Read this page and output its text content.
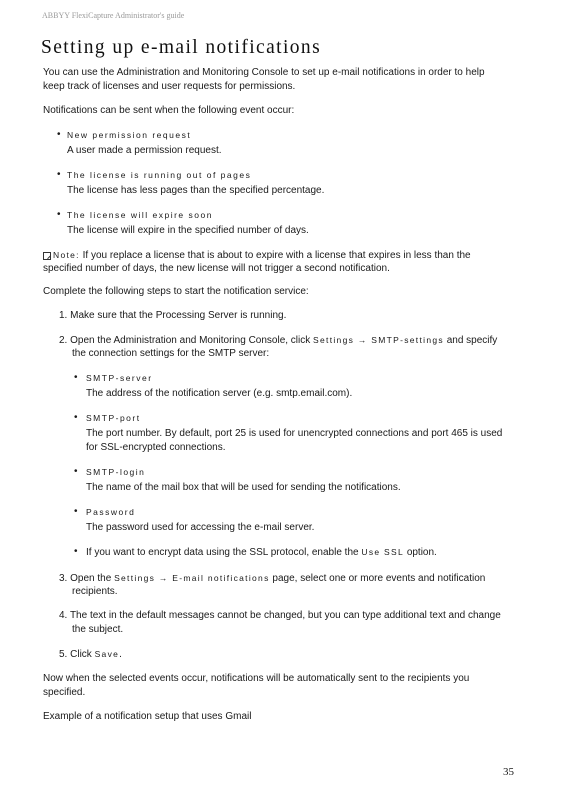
ABBYY FlexiCapture Administrator's guide
Setting up e-mail notifications
You can use the Administration and Monitoring Console to set up e-mail notifications in order to help
keep track of licenses and user requests for permissions.
Notifications can be sent when the following event occur:
• New permission request
A user made a permission request.
• The license is running out of pages
The license has less pages than the specified percentage.
• The license will expire soon
The license will expire in the specified number of days.
Note: If you replace a license that is about to expire with a license that expires in less than the
specified number of days, the new license will not trigger a second notification.
Complete the following steps to start the notification service:
1. Make sure that the Processing Server is running.
2. Open the Administration and Monitoring Console, click Settings → SMTP-settings and specify
the connection settings for the SMTP server:
• SMTP-server
The address of the notification server (e.g. smtp.email.com).
• SMTP-port
The port number. By default, port 25 is used for unencrypted connections and port 465 is used
for SSL-encrypted connections.
• SMTP-login
The name of the mail box that will be used for sending the notifications.
• Password
The password used for accessing the e-mail server.
• If you want to encrypt data using the SSL protocol, enable the Use SSL option.
3. Open the Settings → E-mail notifications page, select one or more events and notification
recipients.
4. The text in the default messages cannot be changed, but you can type additional text and change
the subject.
5. Click Save.
Now when the selected events occur, notifications will be automatically sent to the recipients you
specified.
Example of a notification setup that uses Gmail
35
